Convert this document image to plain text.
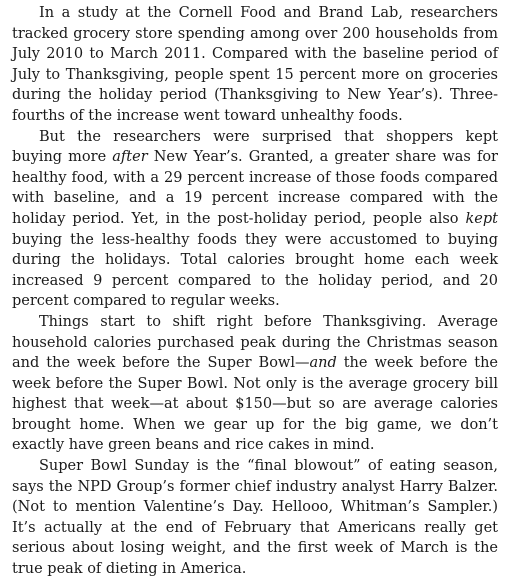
In a study at the Cornell Food and Brand Lab, researchers tracked grocery store spending among over 200 households from July 2010 to March 2011. Compared with the baseline period of July to Thanksgiving, people spent 15 percent more on groceries during the holiday period (Thanksgiving to New Year’s). Three-fourths of the increase went toward unhealthy foods.

But the researchers were surprised that shoppers kept buying more after New Year’s. Granted, a greater share was for healthy food, with a 29 percent increase of those foods compared with baseline, and a 19 percent increase compared with the holiday period. Yet, in the post-holiday period, people also kept buying the less-healthy foods they were accustomed to buying during the holidays. Total calories brought home each week increased 9 percent compared to the holiday period, and 20 percent compared to regular weeks.

Things start to shift right before Thanksgiving. Average household calories purchased peak during the Christmas season and the week before the Super Bowl—and the week before the week before the Super Bowl. Not only is the average grocery bill highest that week—at about $150—but so are average calories brought home. When we gear up for the big game, we don’t exactly have green beans and rice cakes in mind.

Super Bowl Sunday is the “final blowout” of eating season, says the NPD Group’s former chief industry analyst Harry Balzer. (Not to mention Valentine’s Day. Hellooo, Whitman’s Sampler.) It’s actually at the end of February that Americans really get serious about losing weight, and the first week of March is the true peak of dieting in America.
